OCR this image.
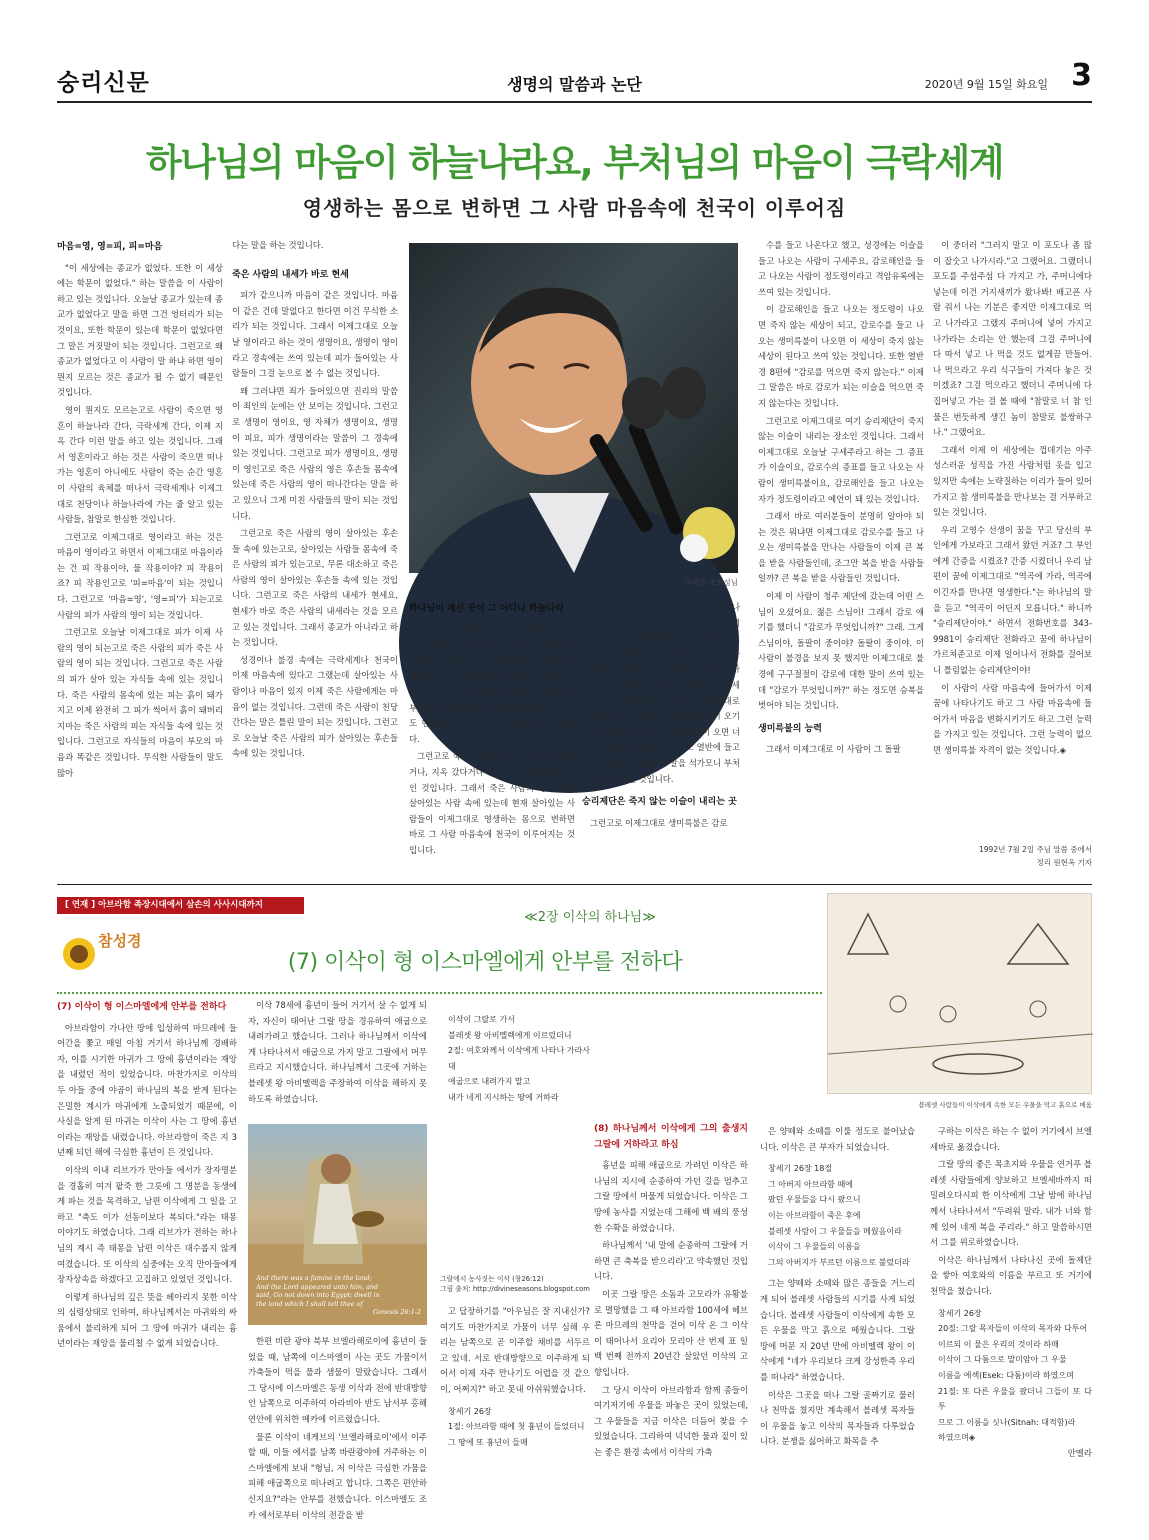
숭리신문	생명의 말씀과 논단	2020년 9월 15일 화요일 3
하나님의 마음이 하늘나라요, 부처님의 마음이 극락세계
영생하는 몸으로 변하면 그 사람 마음속에 천국이 이루어짐
마음=영, 영=피, 피=마음

"이 세상에는 종교가 없었다. 또한 이 세상에는 학문이 없었다." 하는 말씀을 이 사람이 하고 있는 것입니다. 오늘날 종교가 있는데 종교가 없었다고 말을 하면 그건 엉터리가 되는 것이요, 또한 학문이 있는데 학문이 없었다면 그 말은 거짓말이 되는 것입니다. 그런고로 왜 종교가 없었다고 이 사람이 말 하냐 하면 영이 뭔지 모르는 것은 종교가 될 수 없기 때문인 것입니다.

영이 뭔지도 모르는고로 사람이 죽으면 영혼이 하늘나라 간다, 극락세계 간다, 이제 지옥 간다 이런 말을 하고 있는 것입니다. 그래서 영혼이라고 하는 것은 사람이 죽으면 떠나가는 영혼이 아니에도 사람이 죽는 순간 영혼이 사람의 육체를 떠나서 극락세계나 이제그대로 천당이나 하늘나라에 가는 줄 알고 있는 사람들, 참말로 한심한 것입니다.

그런고로 이제그대로 영이라고 하는 것은 마음이 영이라고 하면서 이제그대로 마음이라는 건 피 작용이야, 물 작용이야? 피 작용이죠? 피 작용인고로 '피=마음'이 되는 것입니다. 그런고로 '마음=영', '영=피'가 되는고로 사람의 피가 사람의 영이 되는 것입니다.

그런고로 오늘날 이제그대로 피가 이제 사람의 영이 되는고로 죽은 사람의 피가 죽은 사람의 영이 되는 것입니다. 그런고로 죽은 사람의 피가 살아 있는 자식들 속에 있는 것입니다. 죽은 사람의 몸속에 있는 피는 흙이 돼가지고 이제 완전히 그 피가 썩어서 흙이 돼버리지마는 죽은 사람의 피는 자식들 속에 있는 것입니다. 그런고로 자식들의 마음이 부모의 마음과 똑같은 것입니다. 무식한 사람들이 말도 많아

다는 말을 하는 것입니다.
죽은 사람의 내세가 바로 현세

피가 같으니까 마음이 같은 것입니다. 마음이 같은 건데 말없다고 한다면 이건 무식한 소리가 되는 것입니다. 그래서 이제그대로 오늘날 영이라고 하는 것이 생명이요, 생명이 영이라고 경속에는 쓰여 있는데 피가 들어있는 사람들이 그걸 눈으로 볼 수 없는 것입니다.

왜 그러냐면 죄가 들어있으면 진리의 말씀이 죄인의 눈에는 안 보이는 것입니다. 그런고로 생명이 영이요, 영 자체가 생명이요, 생명이 피요, 피가 생명이라는 말씀이 그 경속에 있는 것입니다. 그런고로 피가 생명이요, 생명이 영인고로 죽은 사람의 영은 후손들 몸속에 있는데 죽은 사람의 영이 떠나간다는 말을 하고 있으니 그게 미친 사람들의 말이 되는 것입니다.

그런고로 죽은 사람의 영이 살아있는 후손들 속에 있는고로, 살아있는 사람들 몸속에 죽은 사람의 피가 있는고로, 무론 대소하고 죽은 사람의 영이 살아있는 후손들 속에 있는 것입니다. 그런고로 죽은 사람의 내세가 현세요, 현세가 바로 죽은 사람의 내세라는 것을 모르고 있는 것입니다. 그래서 종교가 아니라고 하는 것입니다.

성경이나 불경 속에는 극락세계나 천국이 이제 마음속에 있다고 그랬는데 살아있는 사람이나 마음이 있지 이제 죽은 사람에게는 마음이 없는 것입니다. 그런데 죽은 사람이 천당 간다는 말은 틀린 말이 되는 것입니다. 그런고로 오늘날 죽은 사람의 피가 살아있는 후손들 속에 있는 것입니다.

구세주 조희성님
하나님이 계신 곳이 그 어디나 하늘나라

그런고로 현세에 살고 있는 사람들 속에 어머니, 아버지 영만 있는 게 아니고 할아버지, 할머니 영혼도 있고 증조할아버지·할머니의 영혼도 있고 고조할아버지·할머니 영혼도 있고, 5대 조부, 6대 조부, 10대 조부, 20대 조부, 50대 조부, 100대 조부, 1000대 조부 피도 현재 살고 있는 우리들 속에 있는 것입니다.

그런고로 죽은 사람의 영이 지금 천당 갔다거나, 지옥 갔다거나 하는 것은 전부 틀린 말인 것입니다. 그래서 죽은 사람의 영이 현재 살아있는 사람 속에 있는데 현재 살아있는 사람들이 이제그대로 영생하는 몸으로 변하면 바로 그 사람 마음속에 천국이 이루어지는 것입니다.

"하나님이 계신 곳이 그 어디나 하늘나라" "부처님이 계신 곳이 그 어디나 극락세계" 그런고로 극락세계가 바로 부처님이 있는 곳이 극락세계요, 하나님이 계신 곳이 하늘나라인 것입니다. 그런고로 하나님의 마음이 하늘나라요, 부처님의 마음이 극락세계가 되는 것입니다. 그런고로 이제그대로 부처님이 되는 석가모니가 생미륵불이 오기를 기다렸던 것입니다. "생미륵불이 오면 너도 그 생미륵불 한테 가야 나도 열반에 들고 너도 도통할 수 있다"는 말을 석가모니 부처님이 말을 했던 것입니다.

승리제단은 죽지 않는 이슬이 내리는 곳

그런고로 이제그대로 생미륵불은 감로

수를 들고 나온다고 했고, 성경에는 이슬을 들고 나오는 사람이 구세주요, 감로해인을 들고 나오는 사람이 정도령이라고 격암유록에는 쓰여 있는 것입니다.

이 감로해인을 들고 나오는 정도령이 나오면 죽지 않는 세상이 되고, 감로수를 들고 나오는 생미륵불이 나오면 이 세상이 죽지 않는 세상이 된다고 쓰여 있는 것입니다. 또한 열반경 8편에 "감로를 먹으면 죽지 않는다." 이제 그 말씀은 바로 감로가 되는 이슬을 먹으면 죽지 않는다는 것입니다.

그런고로 이제그대로 여기 승리제단이 죽지 않는 이슬이 내리는 장소인 것입니다. 그래서 이제그대로 오늘날 구세주라고 하는 그 증표가 이슬이요, 감로수의 증표를 들고 나오는 사람이 생미륵불이요, 감로해인을 들고 나오는 자가 정도령이라고 예언이 돼 있는 것입니다.

그래서 바로 여러분들이 분명히 알아야 되는 것은 뭐냐면 이제그대로 감로수를 들고 나오는 생미륵불을 만나는 사람들이 이제 큰 복을 받을 사람들인데, 조그만 복을 받을 사람들일까? 큰 복을 받을 사람들인 것입니다.

이제 이 사람이 청주 제단에 갔는데 어떤 스님이 오셨어요. 젊은 스님이! 그래서 감로 얘기를 했더니 "감로가 무엇입니까?" 그래. 그게 스님이야, 돌팔이 중이야? 돌팔이 중이야. 이 사람이 불경을 보지 못 했지만 이제그대로 불경에 구구절절이 감로에 대한 말이 쓰여 있는데 "감로가 무엇입니까?" 하는 정도면 승복을 벗어야 되는 것입니다.

생미륵불의 능력

그래서 이제그대로 이 사람이 그 돌팔

이 중더러 "그러지 말고 이 포도나 좀 많이 잡숫고 나가시라."고 그랬어요. 그랬더니 포도를 주섬주섬 다 가지고 가, 주머니에다 넣는데 이건 거지새끼가 왔나봐! 배고픈 사람 줘서 나는 기분은 좋지만 이제그대로 먹고 나가라고 그랬지 주머니에 넣어 가지고 나가라는 소리는 안 했는데 그걸 주머니에 다 따서 넣고 나 먹을 것도 없게끔 만들어. 나 먹으라고 우리 식구들이 가져다 놓은 것이겠죠? 그걸 먹으라고 했더니 주머니에 다 집어넣고 가는 걸 볼 때에 "참말로 너 참 인물은 번듯하게 생긴 놈이 참말로 불쌍하구나." 그랬어요.

그래서 이제 이 세상에는 껍데기는 아주 성스러운 성직을 가진 사람처럼 옷을 입고 있지만 속에는 노략질하는 이리가 들어 있어가지고 참 생미륵불을 만나보는 걸 거부하고 있는 것입니다.

우리 고영수 선생이 꿈을 꾸고 당신의 부인에게 가보라고 그래서 왔던 거죠? 그 부인에게 간증을 시켰죠? 간증 시켰더니 우리 남편이 꿈에 이제그대로 "역곡에 가라, 역곡에 이긴자를 만나면 영생한다."는 하나님의 말을 듣고 "역곡이 어딘지 모릅니다." 하니까 "승리제단이야." 하면서 전화번호를 343-9981이 승리제단 전화라고 꿈에 하나님이 가르쳐준고로 이제 일어나서 전화를 걸어보니 틀림없는 승리제단이야!

이 사람이 사람 마음속에 들어가서 이제 꿈에 나타나기도 하고 그 사람 마음속에 들어가서 마음을 변화시키기도 하고 그런 능력을 가지고 있는 것입니다. 그런 능력이 없으면 생미륵불 자격이 없는 것입니다.◈

1992년 7월 2일 주님 말씀 중에서
정리 원현옥 기자
[ 연재 ] 아브라함 족장시대에서 삼손의 사사시대까지
≪2장 이삭의 하나님≫
참성경
(7) 이삭이 형 이스마엘에게 안부를 전하다
(7) 이삭이 형 이스마엘에게 안부를 전하다

아브라함이 가나안 땅에 입성하여 마므레에 들어간을 쫓고 매일 아침 거기서 하나님께 경배하자, 이를 시기한 마귀가 그 땅에 흉년이라는 재앙을 내렸던 적이 있었습니다. 마찬가지로 이삭의 두 아들 중에 야곱이 하나님의 복을 받게 된다는 은밀한 계시가 마귀에게 노출되었기 때문에, 이 사실을 알게 된 마귀는 이삭이 사는 그 땅에 흉년이라는 재앙을 내렸습니다. 아브라함이 죽은 지 3년째 되던 해에 극심한 흉년이 든 것입니다.

이삭의 이내 리브가가 만아들 에서가 장자명분을 경홀히 여겨 팥죽 한 그릇에 그 명분을 동생에게 파는 것을 목격하고, 남편 이삭에게 그 일을 고하고 "축도 이가 선동이보다 복되다."라는 태몽 이야기도 하였습니다. 그래 리브가가 전하는 하나님의 계시 즉 태몽을 남편 이삭은 대수롭지 않게 여겼습니다. 또 이삭의 심중에는 오직 만아들에게 장자상속을 하겠다고 고집하고 있었던 것입니다.

이렇게 하나님의 깊은 뜻을 헤아리지 못한 이삭의 심령상태로 인하여, 하나님께서는 마귀와의 싸움에서 불리하게 되어 그 땅에 마귀가 내리는 흉년이라는 재앙을 물리칠 수 없게 되었습니다.

이삭 78세에 흉년이 들어 거기서 살 수 없게 되자, 자신이 태어난 그랄 땅을 경유하여 애굽으로 내려가려고 했습니다. 그러나 하나님께서 이삭에게 나타나셔서 애굽으로 가지 말고 그랄에서 머무르라고 지시했습니다. 하나님께서 그곳에 거하는 블레셋 왕 아비멜렉을 주장하여 이삭을 해하지 못하도록 하였습니다.

And there was a famine in the land;
And the Lord appeared unto him, and
said, Go not down into Egypt; dwell in
the land which I shall tell thee of
Genesis 26:1-2

한편 비란 광야 북부 브엘라해로이에 흉년이 들었을 때, 남쪽에 이스마엘이 사는 곳도 가뭄이서 가축들이 먹을 풀과 샘물이 말랐습니다. 그래서 그 당시에 이스마엘은 동생 이삭과 전에 반대방향인 남쪽으로 이주하여 아라비아 반도 남서부 홍해연안에 위치한 메카에 이르렀습니다.

물론 이삭이 네게브의 '브엘라해로이'에서 이주할 때, 이들 에서를 남쪽 바란광야에 거주하는 이스마엘에게 보내 "형님, 저 이삭은 극심한 가뭄을 피해 애굽쪽으로 떠나려고 합니다. 그쪽은 편안하신지요?"라는 안부를 전했습니다. 이스마엘도 조카 에서로부터 이삭의 전갈을 받

그랄에서 농사짓는 이삭 (창26:12)
그림 출처: http://divineseasons.blogspot.com
이삭이 그랄로 가서
블레셋 왕 아비멜렉에게 이르렀더니
2절: 여호와께서 이삭에게 나타나 가라사대
애굽으로 내려가지 말고
내가 네게 지시하는 땅에 거하라

고 답장하기를 "아우님은 잘 지내신가? 여기도 마찬가지로 가뭄이 너무 심해 우리는 남쪽으로 곧 이주할 채비를 서두르고 있네. 서로 반대방향으로 이주하게 되어서 이제 자주 만나기도 어렵을 것 같으이, 어쩌지?" 하고 못내 아쉬워했습니다.

창세기 26장
1절: 아브라함 때에 첫 흉년이 들었더니
그 땅에 또 흉년이 들매
(8) 하나님께서 이삭에게 그의 출생지 그랄에 거하라고 하심

흉년을 피해 애굽으로 가려던 이삭은 하나님의 지시에 순종하여 가던 길을 멈추고 그랄 땅에서 머물게 되었습니다. 이삭은 그 땅에 농사를 지었는데 그해에 백 배의 풍성한 수확을 하였습니다.

하나님께서 '내 말에 순종하여 그랄에 거하면 큰 축복을 받으리라'고 약속했던 것입니다.

이곳 그랄 땅은 소돔과 고모라가 유황불로 멸망했을 그 때 아브라함 100세에 헤브론 마므레의 천막을 걷어 이삭 온 그 이삭이 태어나서 요리아 모리아 산 번제 표 일 백 번째 전까지 20년간 살았던 이삭의 고향입니다.

그 당시 이삭이 아브라함과 함께 종들이 여기저기에 우물을 파놓은 곳이 있었는데, 그 우물들을 지금 이삭은 더듬어 찾을 수 있었습니다. 그리하여 넉넉한 물과 짙이 있는 좋은 환경 속에서 이삭의 가축

블레셋 사람들이 이삭에게 속한 모든 우물을 막고 흙으로 메움

은 양떼와 소떼를 이룰 정도로 불어났습니다. 이삭은 큰 부자가 되었습니다.

창세기 26장 18절
그 아버지 아브라함 때에
팠던 우물들을 다시 팠으니
이는 아브라함이 죽은 후에
블레셋 사람이 그 우물들을 메웠음이라
이삭이 그 우물들의 이름을
그의 아버지가 부르던 이름으로 불렀더라

그는 양떼와 소떼와 많은 종들을 거느리게 되어 블레셋 사람들의 시기를 사게 되었습니다. 블레셋 사람들이 이삭에게 속한 모든 우물을 막고 흙으로 메웠습니다. 그랄 땅에 머문 지 20년 만에 아비멜렉 왕이 이삭에게 "네가 우리보다 크게 강성한즉 우리를 떠나라" 하였습니다.

이삭은 그곳을 떠나 그랄 골짜기로 물러나 천막을 쳤지만 계속해서 블레셋 목자들이 우물을 놓고 이삭의 목자들과 다투었습니다. 분쟁을 싫어하고 화목을 추

구하는 이삭은 하는 수 없이 거기에서 브엘세바로 옮겼습니다.

그랄 땅의 좋은 목초지와 우물을 연거푸 블레셋 사람들에게 양보하고 브엘세바까지 떠밀려오다시피 한 이삭에게 그날 밤에 하나님께서 나타나셔서 "두려워 말라. 내가 너와 함께 있어 네게 복을 주리라." 하고 말씀하시면서 그를 위로하였습니다.

이삭은 하나님께서 나타나신 곳에 돌제단을 쌓아 여호와의 이름을 부르고 또 거기에 천막을 쳤습니다.

창세기 26장
20절: 그랄 목자들이 이삭의 목자와 다투어
이르되 이 물은 우리의 것이라 하매
이삭이 그 다툼으로 말미암아 그 우물
이름을 에섹(Esek: 다툼)이라 하였으며
21절: 또 다른 우물을 팠더니 그들이 또 다투
므로 그 이름을 싯나(Sitnah: 대적함)라
하였으며◈
안멜라
